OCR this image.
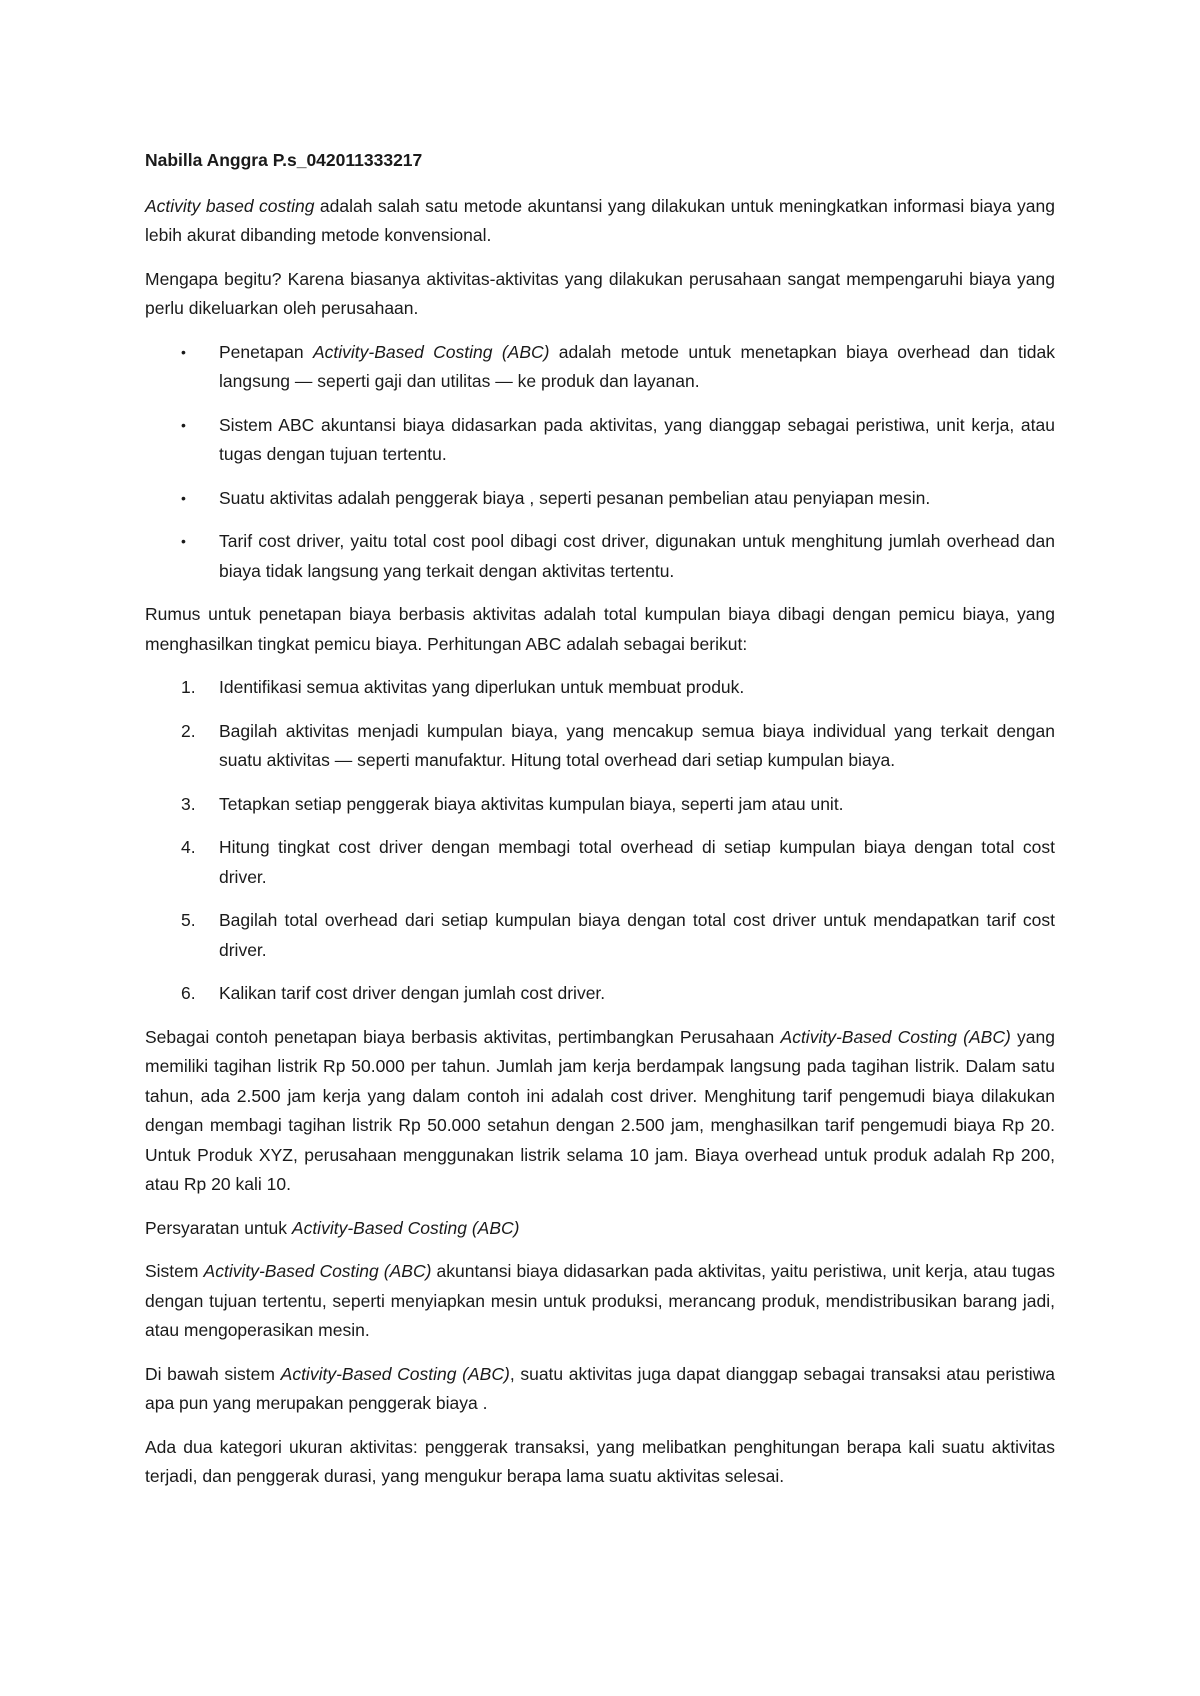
Nabilla Anggra P.s_042011333217

Activity based costing adalah salah satu metode akuntansi yang dilakukan untuk meningkatkan informasi biaya yang lebih akurat dibanding metode konvensional.

Mengapa begitu? Karena biasanya aktivitas-aktivitas yang dilakukan perusahaan sangat mempengaruhi biaya yang perlu dikeluarkan oleh perusahaan.

• Penetapan Activity-Based Costing (ABC) adalah metode untuk menetapkan biaya overhead dan tidak langsung — seperti gaji dan utilitas — ke produk dan layanan.
• Sistem ABC akuntansi biaya didasarkan pada aktivitas, yang dianggap sebagai peristiwa, unit kerja, atau tugas dengan tujuan tertentu.
• Suatu aktivitas adalah penggerak biaya , seperti pesanan pembelian atau penyiapan mesin.
• Tarif cost driver, yaitu total cost pool dibagi cost driver, digunakan untuk menghitung jumlah overhead dan biaya tidak langsung yang terkait dengan aktivitas tertentu.

Rumus untuk penetapan biaya berbasis aktivitas adalah total kumpulan biaya dibagi dengan pemicu biaya, yang menghasilkan tingkat pemicu biaya. Perhitungan ABC adalah sebagai berikut:

1. Identifikasi semua aktivitas yang diperlukan untuk membuat produk.
2. Bagilah aktivitas menjadi kumpulan biaya, yang mencakup semua biaya individual yang terkait dengan suatu aktivitas — seperti manufaktur. Hitung total overhead dari setiap kumpulan biaya.
3. Tetapkan setiap penggerak biaya aktivitas kumpulan biaya, seperti jam atau unit.
4. Hitung tingkat cost driver dengan membagi total overhead di setiap kumpulan biaya dengan total cost driver.
5. Bagilah total overhead dari setiap kumpulan biaya dengan total cost driver untuk mendapatkan tarif cost driver.
6. Kalikan tarif cost driver dengan jumlah cost driver.

Sebagai contoh penetapan biaya berbasis aktivitas, pertimbangkan Perusahaan Activity-Based Costing (ABC) yang memiliki tagihan listrik Rp 50.000 per tahun. Jumlah jam kerja berdampak langsung pada tagihan listrik. Dalam satu tahun, ada 2.500 jam kerja yang dalam contoh ini adalah cost driver. Menghitung tarif pengemudi biaya dilakukan dengan membagi tagihan listrik Rp 50.000 setahun dengan 2.500 jam, menghasilkan tarif pengemudi biaya Rp 20. Untuk Produk XYZ, perusahaan menggunakan listrik selama 10 jam. Biaya overhead untuk produk adalah Rp 200, atau Rp 20 kali 10.

Persyaratan untuk Activity-Based Costing (ABC)

Sistem Activity-Based Costing (ABC) akuntansi biaya didasarkan pada aktivitas, yaitu peristiwa, unit kerja, atau tugas dengan tujuan tertentu, seperti menyiapkan mesin untuk produksi, merancang produk, mendistribusikan barang jadi, atau mengoperasikan mesin.

Di bawah sistem Activity-Based Costing (ABC), suatu aktivitas juga dapat dianggap sebagai transaksi atau peristiwa apa pun yang merupakan penggerak biaya .

Ada dua kategori ukuran aktivitas: penggerak transaksi, yang melibatkan penghitungan berapa kali suatu aktivitas terjadi, dan penggerak durasi, yang mengukur berapa lama suatu aktivitas selesai.
